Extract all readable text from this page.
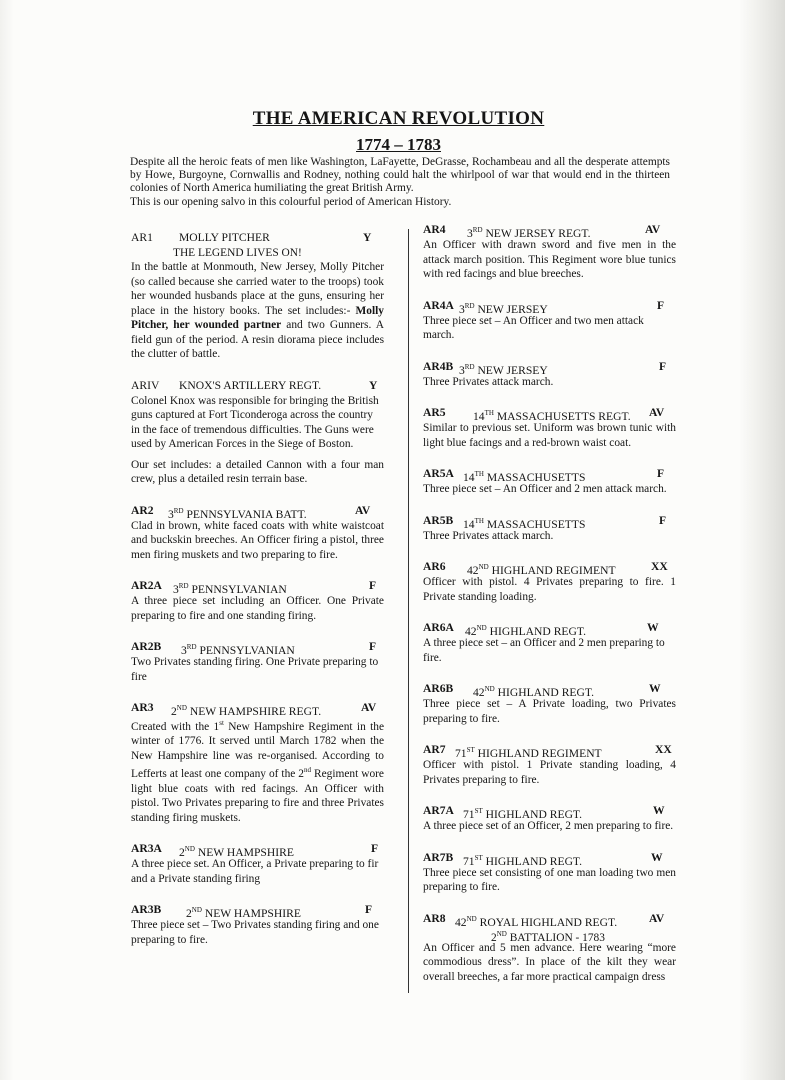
THE AMERICAN REVOLUTION
1774 – 1783

Despite all the heroic feats of men like Washington, LaFayette, DeGrasse, Rochambeau and all the desperate attempts by Howe, Burgoyne, Cornwallis and Rodney, nothing could halt the whirlpool of war that would end in the thirteen colonies of North America humiliating the great British Army.

This is our opening salvo in this colourful period of American History.

AR1 MOLLY PITCHER	Y
THE LEGEND LIVES ON!

In the battle at Monmouth, New Jersey, Molly Pitcher (so called because she carried water to the troops) took her wounded husbands place at the guns, ensuring her place in the history books. The set includes:- Molly Pitcher, her wounded partner and two Gunners. A field gun of the period. A resin diorama piece includes the clutter of battle.

ARIV KNOX'S ARTILLERY REGT.	Y

Colonel Knox was responsible for bringing the British guns captured at Fort Ticonderoga across the country in the face of tremendous difficulties. The Guns were used by American Forces in the Siege of Boston.

Our set includes: a detailed Cannon with a four man crew, plus a detailed resin terrain base.

AR2 3RD PENNSYLVANIA BATT.	AV

Clad in brown, white faced coats with white waistcoat and buckskin breeches. An Officer firing a pistol, three men firing muskets and two preparing to fire.

AR2A 3RD PENNSYLVANIAN	F

A three piece set including an Officer. One Private preparing to fire and one standing firing.

AR2B 3RD PENNSYLVANIAN	F

Two Privates standing firing. One Private preparing to fire

AR3 2ND NEW HAMPSHIRE REGT.	AV

Created with the 1st New Hampshire Regiment in the winter of 1776. It served until March 1782 when the New Hampshire line was re-organised. According to Lefferts at least one company of the 2nd Regiment wore light blue coats with red facings. An Officer with pistol. Two Privates preparing to fire and three Privates standing firing muskets.

AR3A 2ND NEW HAMPSHIRE	F

A three piece set. An Officer, a Private preparing to fir and a Private standing firing

AR3B 2ND NEW HAMPSHIRE	F

Three piece set – Two Privates standing firing and one preparing to fire.

AR4 3RD NEW JERSEY REGT.	AV

An Officer with drawn sword and five men in the attack march position. This Regiment wore blue tunics with red facings and blue breeches.

AR4A 3RD NEW JERSEY	F

Three piece set – An Officer and two men attack march.

AR4B 3RD NEW JERSEY	F

Three Privates attack march.

AR5 14TH MASSACHUSETTS REGT. AV

Similar to previous set. Uniform was brown tunic with light blue facings and a red-brown waist coat.

AR5A 14TH MASSACHUSETTS	F

Three piece set – An Officer and 2 men attack march.

AR5B 14TH MASSACHUSETTS	F

Three Privates attack march.

AR6 42ND HIGHLAND REGIMENT	XX

Officer with pistol. 4 Privates preparing to fire. 1 Private standing loading.

AR6A 42ND HIGHLAND REGT.	W

A three piece set – an Officer and 2 men preparing to fire.

AR6B 42ND HIGHLAND REGT.	W

Three piece set – A Private loading, two Privates preparing to fire.

AR7 71ST HIGHLAND REGIMENT	XX

Officer with pistol. 1 Private standing loading, 4 Privates preparing to fire.

AR7A 71ST HIGHLAND REGT.	W

A three piece set of an Officer, 2 men preparing to fire.

AR7B 71ST HIGHLAND REGT.	W

Three piece set consisting of one man loading two men preparing to fire.

AR8 42ND ROYAL HIGHLAND REGT.	AV
2ND BATTALION - 1783

An Officer and 5 men advance. Here wearing “more commodious dress”. In place of the kilt they wear overall breeches, a far more practical campaign dress
